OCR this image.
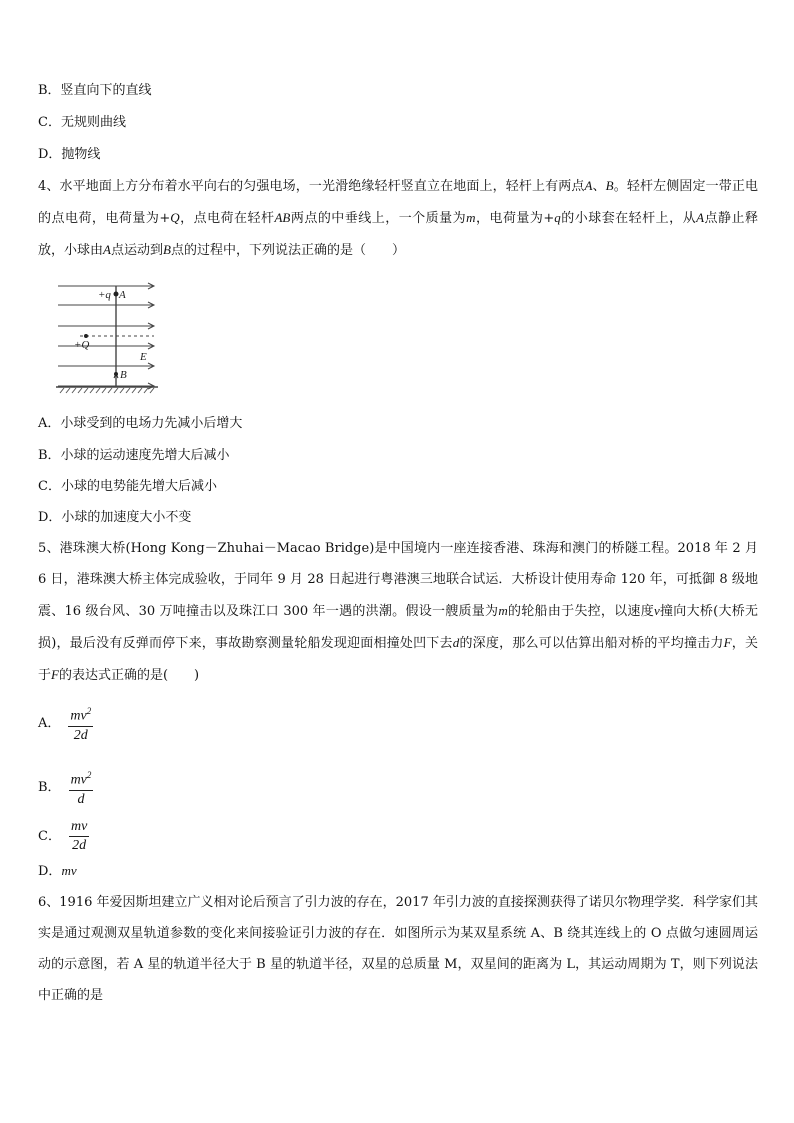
B．竖直向下的直线
C．无规则曲线
D．抛物线
4、水平地面上方分布着水平向右的匀强电场，一光滑绝缘轻杆竖直立在地面上，轻杆上有两点A、B。轻杆左侧固定一带正电的点电荷，电荷量为+Q，点电荷在轻杆AB两点的中垂线上，一个质量为m，电荷量为+q的小球套在轻杆上，从A点静止释放，小球由A点运动到B点的过程中，下列说法正确的是（　　）
+q A
+Q
E
B
A．小球受到的电场力先减小后增大
B．小球的运动速度先增大后减小
C．小球的电势能先增大后减小
D．小球的加速度大小不变
5、港珠澳大桥(Hong Kong－Zhuhai－Macao Bridge)是中国境内一座连接香港、珠海和澳门的桥隧工程。2018 年 2 月 6 日，港珠澳大桥主体完成验收，于同年 9 月 28 日起进行粤港澳三地联合试运．大桥设计使用寿命 120 年，可抵御 8 级地震、16 级台风、30 万吨撞击以及珠江口 300 年一遇的洪潮。假设一艘质量为m的轮船由于失控，以速度v撞向大桥(大桥无损)，最后没有反弹而停下来，事故勘察测量轮船发现迎面相撞处凹下去d的深度，那么可以估算出船对桥的平均撞击力F，关于F的表达式正确的是(　　)
A． $\frac{mv^2}{2d}$
B． $\frac{mv^2}{d}$
C． $\frac{mv}{2d}$
D．mv
6、1916 年爱因斯坦建立广义相对论后预言了引力波的存在，2017 年引力波的直接探测获得了诺贝尔物理学奖．科学家们其实是通过观测双星轨道参数的变化来间接验证引力波的存在．如图所示为某双星系统 A、B 绕其连线上的 O 点做匀速圆周运动的示意图，若 A 星的轨道半径大于 B 星的轨道半径，双星的总质量 M，双星间的距离为 L，其运动周期为 T，则下列说法中正确的是
